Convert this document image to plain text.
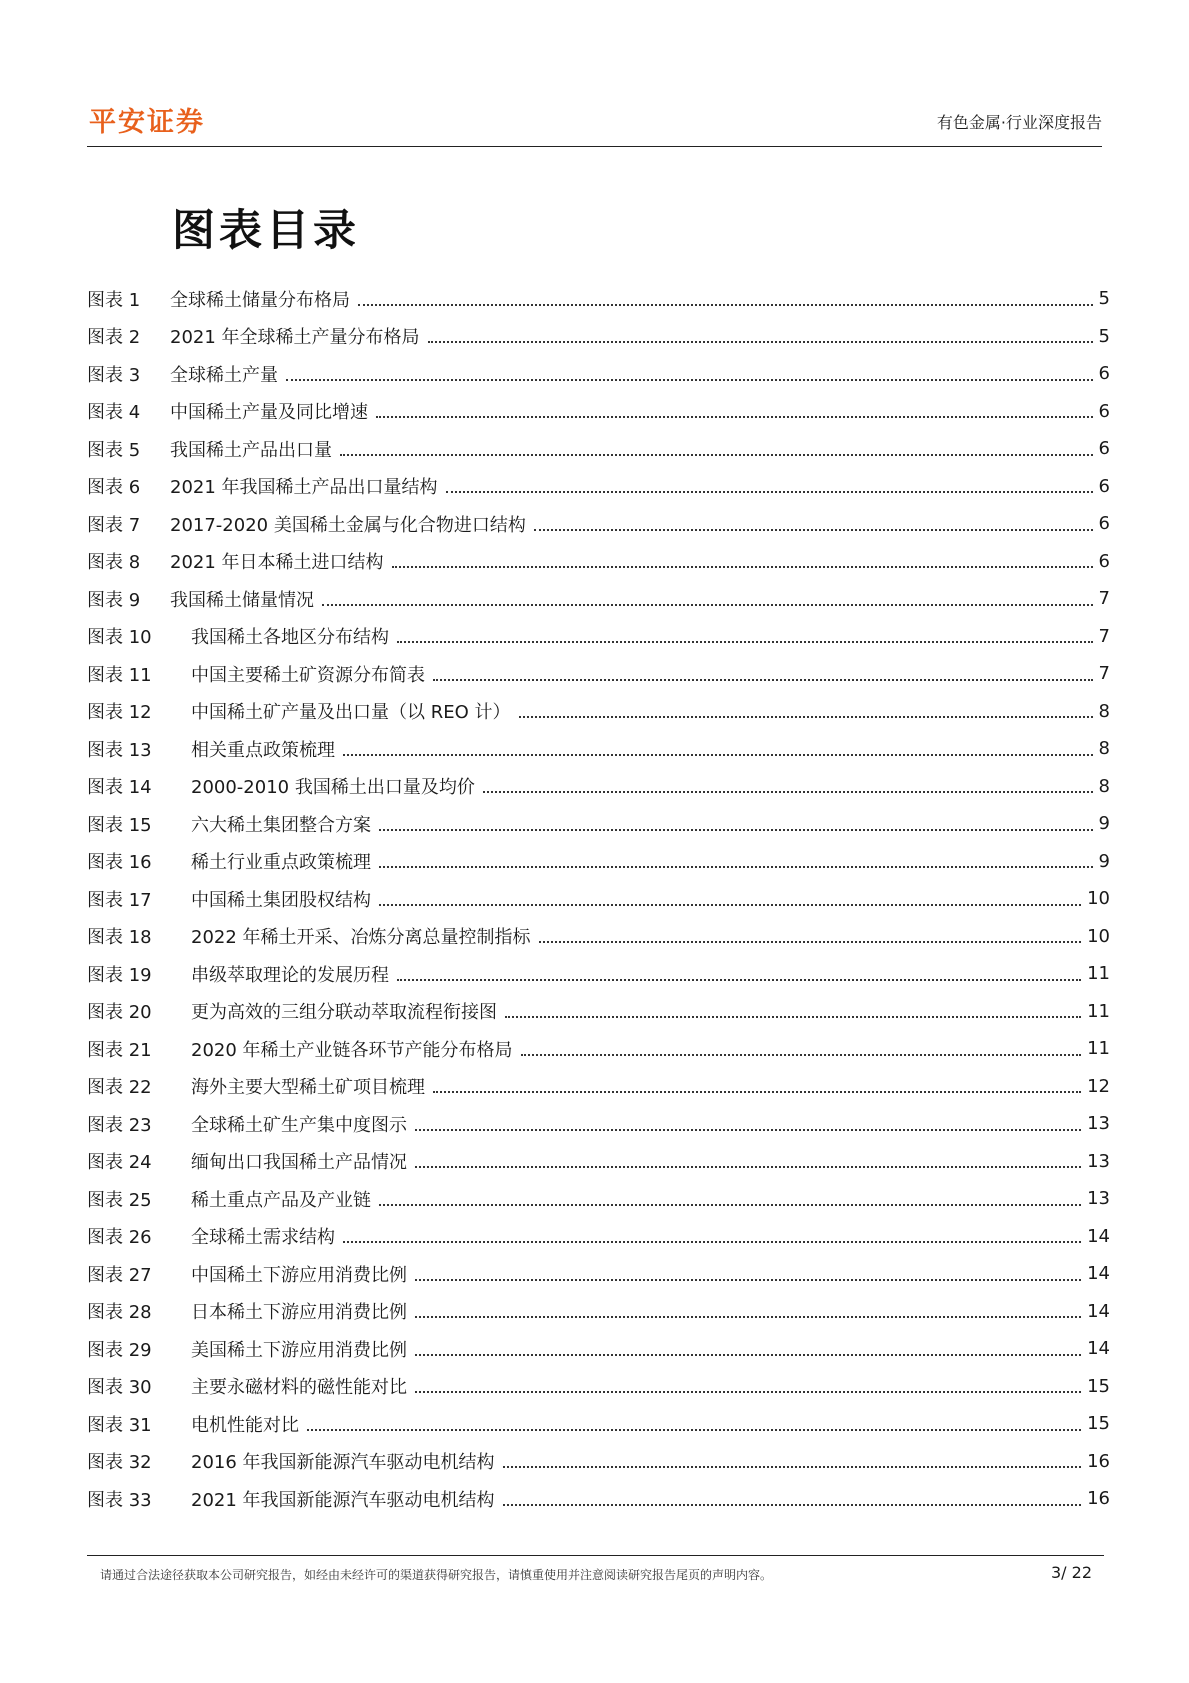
平安证券	有色金属·行业深度报告
图表目录
图表 1	全球稀土储量分布格局	5
图表 2	2021 年全球稀土产量分布格局	5
图表 3	全球稀土产量	6
图表 4	中国稀土产量及同比增速	6
图表 5	我国稀土产品出口量	6
图表 6	2021 年我国稀土产品出口量结构	6
图表 7	2017-2020 美国稀土金属与化合物进口结构	6
图表 8	2021 年日本稀土进口结构	6
图表 9	我国稀土储量情况	7
图表 10	我国稀土各地区分布结构	7
图表 11	中国主要稀土矿资源分布简表	7
图表 12	中国稀土矿产量及出口量（以 REO 计）	8
图表 13	相关重点政策梳理	8
图表 14	2000-2010 我国稀土出口量及均价	8
图表 15	六大稀土集团整合方案	9
图表 16	稀土行业重点政策梳理	9
图表 17	中国稀土集团股权结构	10
图表 18	2022 年稀土开采、冶炼分离总量控制指标	10
图表 19	串级萃取理论的发展历程	11
图表 20	更为高效的三组分联动萃取流程衔接图	11
图表 21	2020 年稀土产业链各环节产能分布格局	11
图表 22	海外主要大型稀土矿项目梳理	12
图表 23	全球稀土矿生产集中度图示	13
图表 24	缅甸出口我国稀土产品情况	13
图表 25	稀土重点产品及产业链	13
图表 26	全球稀土需求结构	14
图表 27	中国稀土下游应用消费比例	14
图表 28	日本稀土下游应用消费比例	14
图表 29	美国稀土下游应用消费比例	14
图表 30	主要永磁材料的磁性能对比	15
图表 31	电机性能对比	15
图表 32	2016 年我国新能源汽车驱动电机结构	16
图表 33	2021 年我国新能源汽车驱动电机结构	16
请通过合法途径获取本公司研究报告，如经由未经许可的渠道获得研究报告，请慎重使用并注意阅读研究报告尾页的声明内容。	3/ 22
